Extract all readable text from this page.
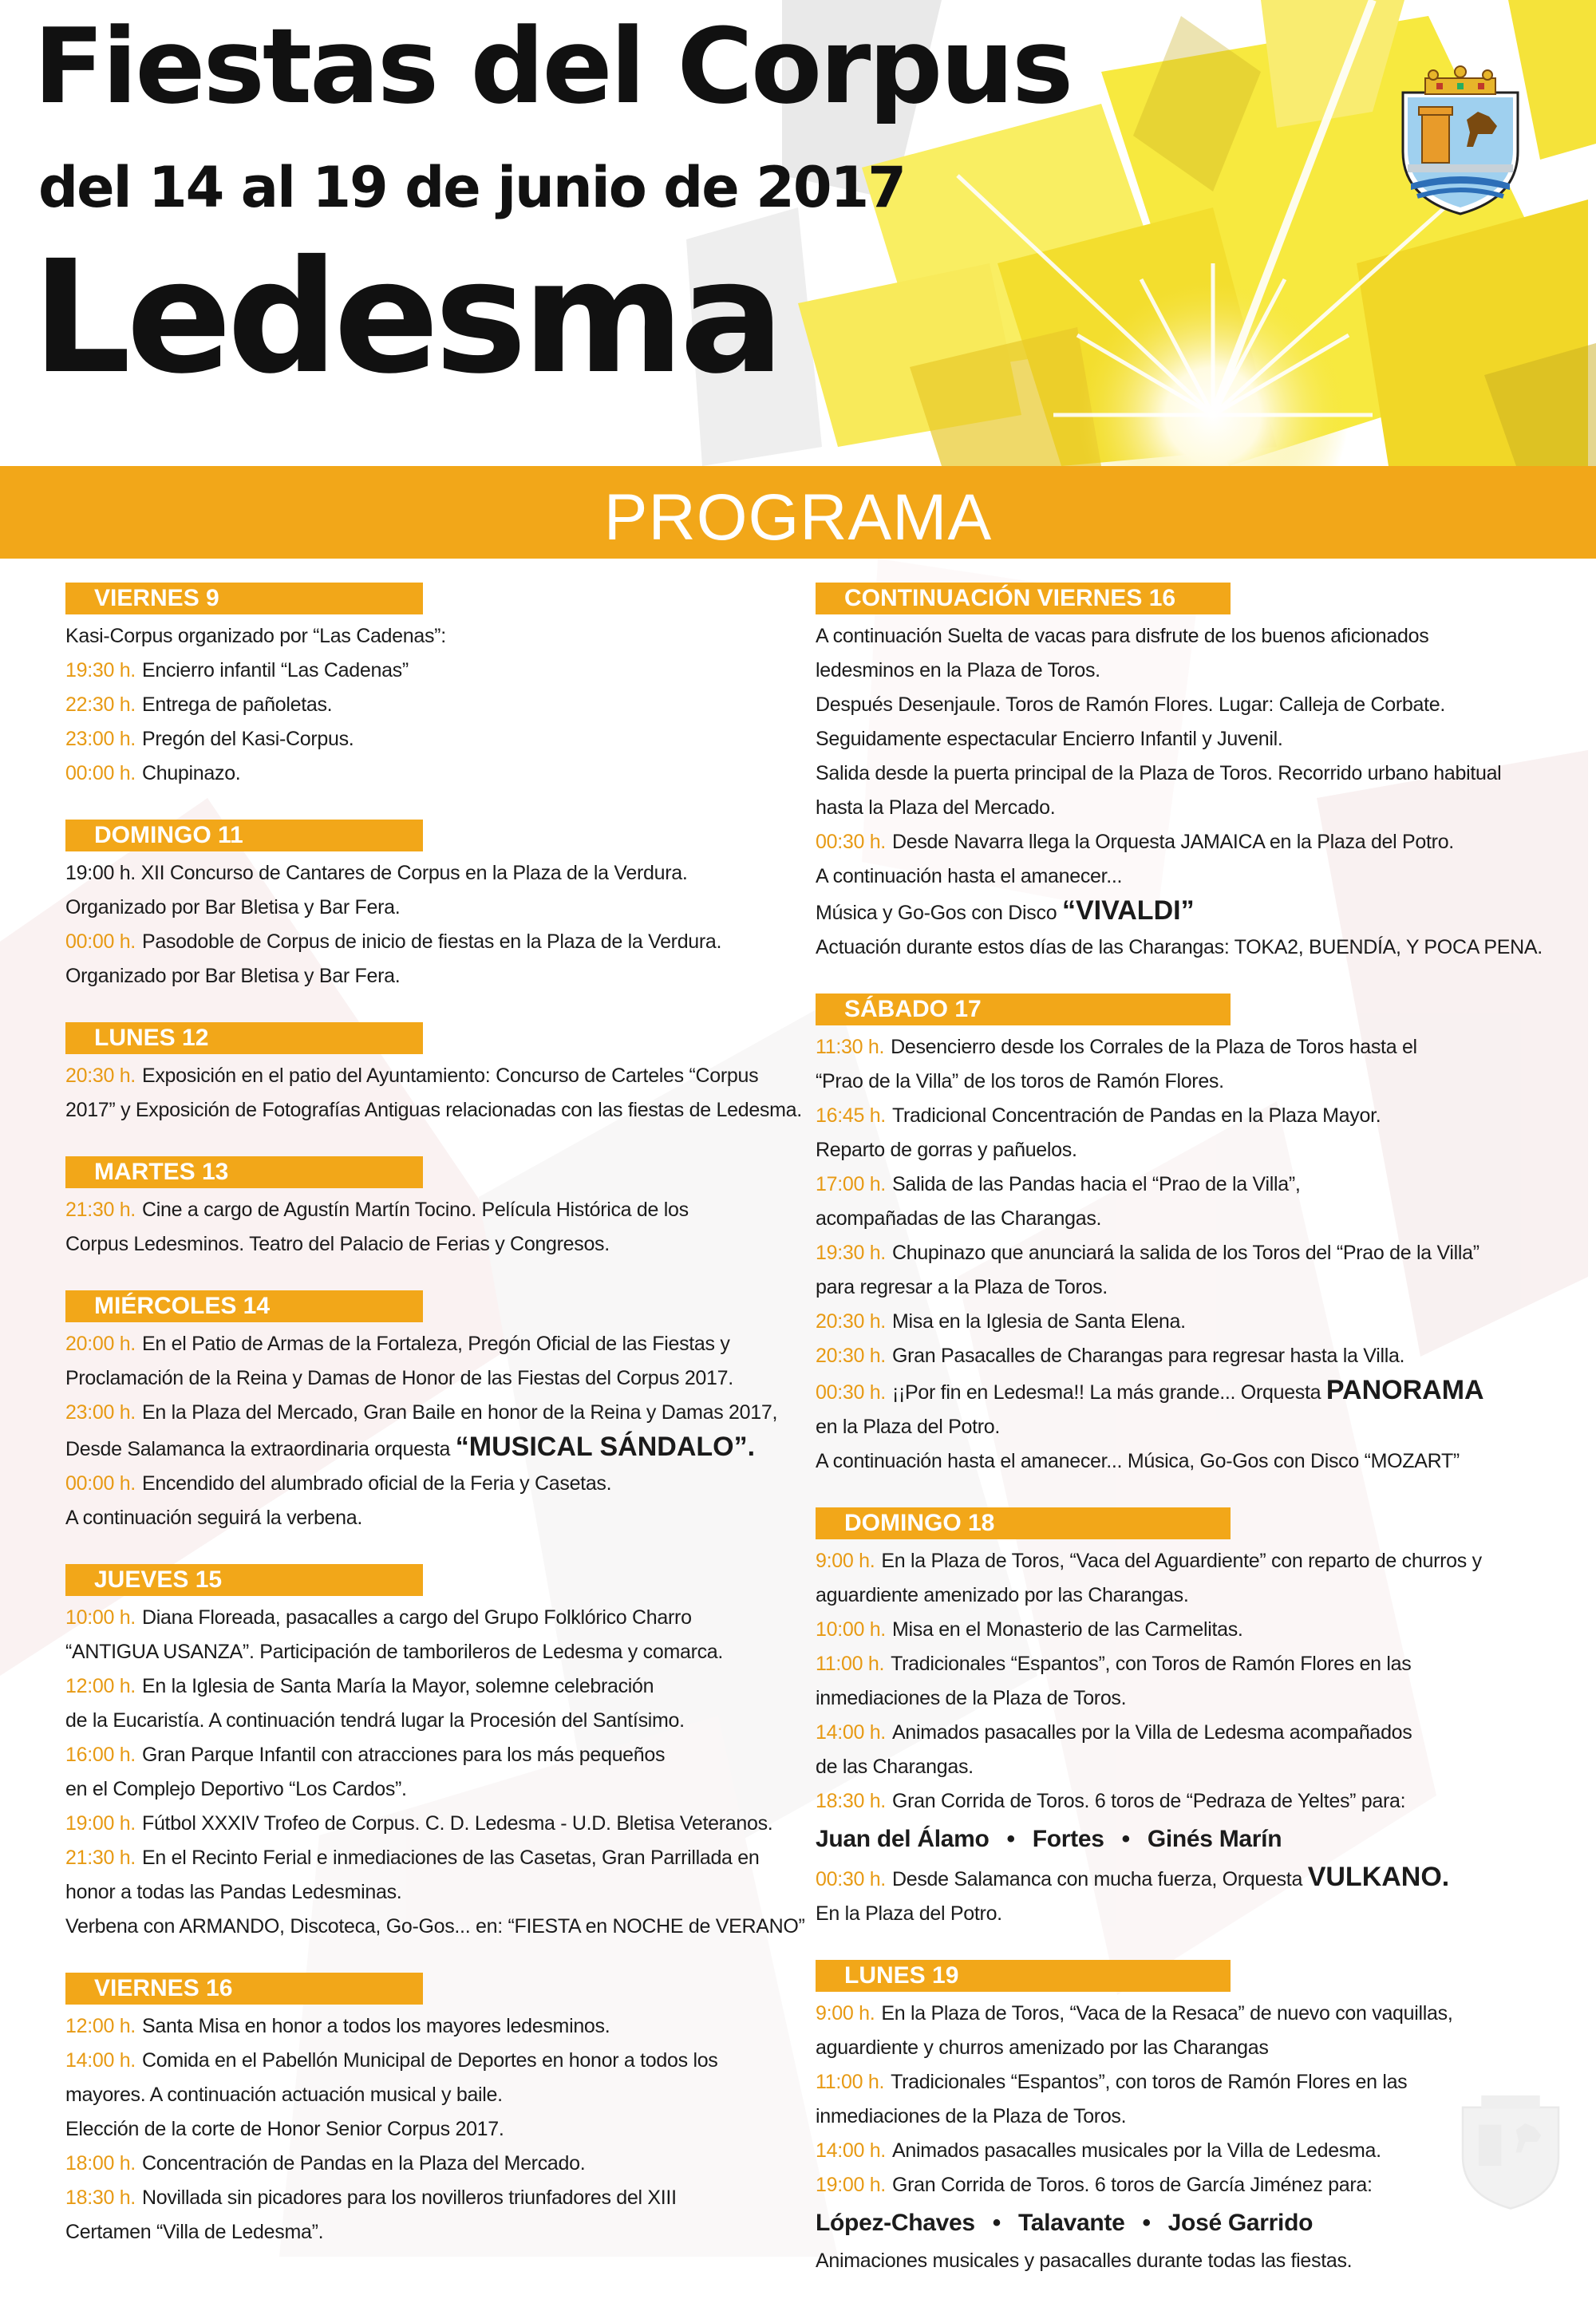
Fiestas del Corpus
del 14 al 19 de junio de 2017
Ledesma
PROGRAMA
VIERNES 9
Kasi-Corpus organizado por “Las Cadenas”:
19:30 h. Encierro infantil “Las Cadenas”
22:30 h. Entrega de pañoletas.
23:00 h. Pregón del Kasi-Corpus.
00:00 h. Chupinazo.
DOMINGO 11
19:00 h. XII Concurso de Cantares de Corpus en la Plaza de la Verdura.
Organizado por Bar Bletisa y Bar Fera.
00:00 h. Pasodoble de Corpus de inicio de fiestas en la Plaza de la Verdura.
Organizado por Bar Bletisa y Bar Fera.
LUNES 12
20:30 h. Exposición en el patio del Ayuntamiento: Concurso de Carteles “Corpus
2017” y Exposición de Fotografías Antiguas relacionadas con las fiestas de Ledesma.
MARTES 13
21:30 h. Cine a cargo de Agustín Martín Tocino. Película Histórica de los
Corpus Ledesminos. Teatro del Palacio de Ferias y Congresos.
MIÉRCOLES 14
20:00 h. En el Patio de Armas de la Fortaleza, Pregón Oficial de las Fiestas y
Proclamación de la Reina y Damas de Honor de las Fiestas del Corpus 2017.
23:00 h. En la Plaza del Mercado, Gran Baile en honor de la Reina y Damas 2017,
Desde Salamanca la extraordinaria orquesta “MUSICAL SÁNDALO”.
00:00 h. Encendido del alumbrado oficial de la Feria y Casetas.
A continuación seguirá la verbena.
JUEVES 15
10:00 h. Diana Floreada, pasacalles a cargo del Grupo Folklórico Charro
“ANTIGUA USANZA”. Participación de tamborileros de Ledesma y comarca.
12:00 h. En la Iglesia de Santa María la Mayor, solemne celebración
de la Eucaristía. A continuación tendrá lugar la Procesión del Santísimo.
16:00 h. Gran Parque Infantil con atracciones para los más pequeños
en el Complejo Deportivo “Los Cardos”.
19:00 h. Fútbol XXXIV Trofeo de Corpus. C. D. Ledesma - U.D. Bletisa Veteranos.
21:30 h. En el Recinto Ferial e inmediaciones de las Casetas, Gran Parrillada en
honor a todas las Pandas Ledesminas.
Verbena con ARMANDO, Discoteca, Go-Gos... en: “FIESTA en NOCHE de VERANO”
VIERNES 16
12:00 h. Santa Misa en honor a todos los mayores ledesminos.
14:00 h. Comida en el Pabellón Municipal de Deportes en honor a todos los
mayores. A continuación actuación musical y baile.
Elección de la corte de Honor Senior Corpus 2017.
18:00 h. Concentración de Pandas en la Plaza del Mercado.
18:30 h. Novillada sin picadores para los novilleros triunfadores del XIII
Certamen “Villa de Ledesma”.
CONTINUACIÓN VIERNES 16
A continuación Suelta de vacas para disfrute de los buenos aficionados
ledesminos en la Plaza de Toros.
Después Desenjaule. Toros de Ramón Flores. Lugar: Calleja de Corbate.
Seguidamente espectacular Encierro Infantil y Juvenil.
Salida desde la puerta principal de la Plaza de Toros. Recorrido urbano habitual
hasta la Plaza del Mercado.
00:30 h. Desde Navarra llega la Orquesta JAMAICA en la Plaza del Potro.
A continuación hasta el amanecer...
Música y Go-Gos con Disco “VIVALDI”
Actuación durante estos días de las Charangas: TOKA2, BUENDÍA, Y POCA PENA.
SÁBADO 17
11:30 h. Desencierro desde los Corrales de la Plaza de Toros hasta el
“Prao de la Villa” de los toros de Ramón Flores.
16:45 h. Tradicional Concentración de Pandas en la Plaza Mayor.
Reparto de gorras y pañuelos.
17:00 h. Salida de las Pandas hacia el “Prao de la Villa”,
acompañadas de las Charangas.
19:30 h. Chupinazo que anunciará la salida de los Toros del “Prao de la Villa”
para regresar a la Plaza de Toros.
20:30 h. Misa en la Iglesia de Santa Elena.
20:30 h. Gran Pasacalles de Charangas para regresar hasta la Villa.
00:30 h. ¡¡Por fin en Ledesma!! La más grande... Orquesta PANORAMA
en la Plaza del Potro.
A continuación hasta el amanecer... Música, Go-Gos con Disco “MOZART”
DOMINGO 18
9:00 h. En la Plaza de Toros, “Vaca del Aguardiente” con reparto de churros y
aguardiente amenizado por las Charangas.
10:00 h. Misa en el Monasterio de las Carmelitas.
11:00 h. Tradicionales “Espantos”, con Toros de Ramón Flores en las
inmediaciones de la Plaza de Toros.
14:00 h. Animados pasacalles por la Villa de Ledesma acompañados
de las Charangas.
18:30 h. Gran Corrida de Toros. 6 toros de “Pedraza de Yeltes” para:
Juan del Álamo • Fortes • Ginés Marín
00:30 h. Desde Salamanca con mucha fuerza, Orquesta VULKANO.
En la Plaza del Potro.
LUNES 19
9:00 h. En la Plaza de Toros, “Vaca de la Resaca” de nuevo con vaquillas,
aguardiente y churros amenizado por las Charangas
11:00 h. Tradicionales “Espantos”, con toros de Ramón Flores en las
inmediaciones de la Plaza de Toros.
14:00 h. Animados pasacalles musicales por la Villa de Ledesma.
19:00 h. Gran Corrida de Toros. 6 toros de García Jiménez para:
López-Chaves • Talavante • José Garrido
Animaciones musicales y pasacalles durante todas las fiestas.
